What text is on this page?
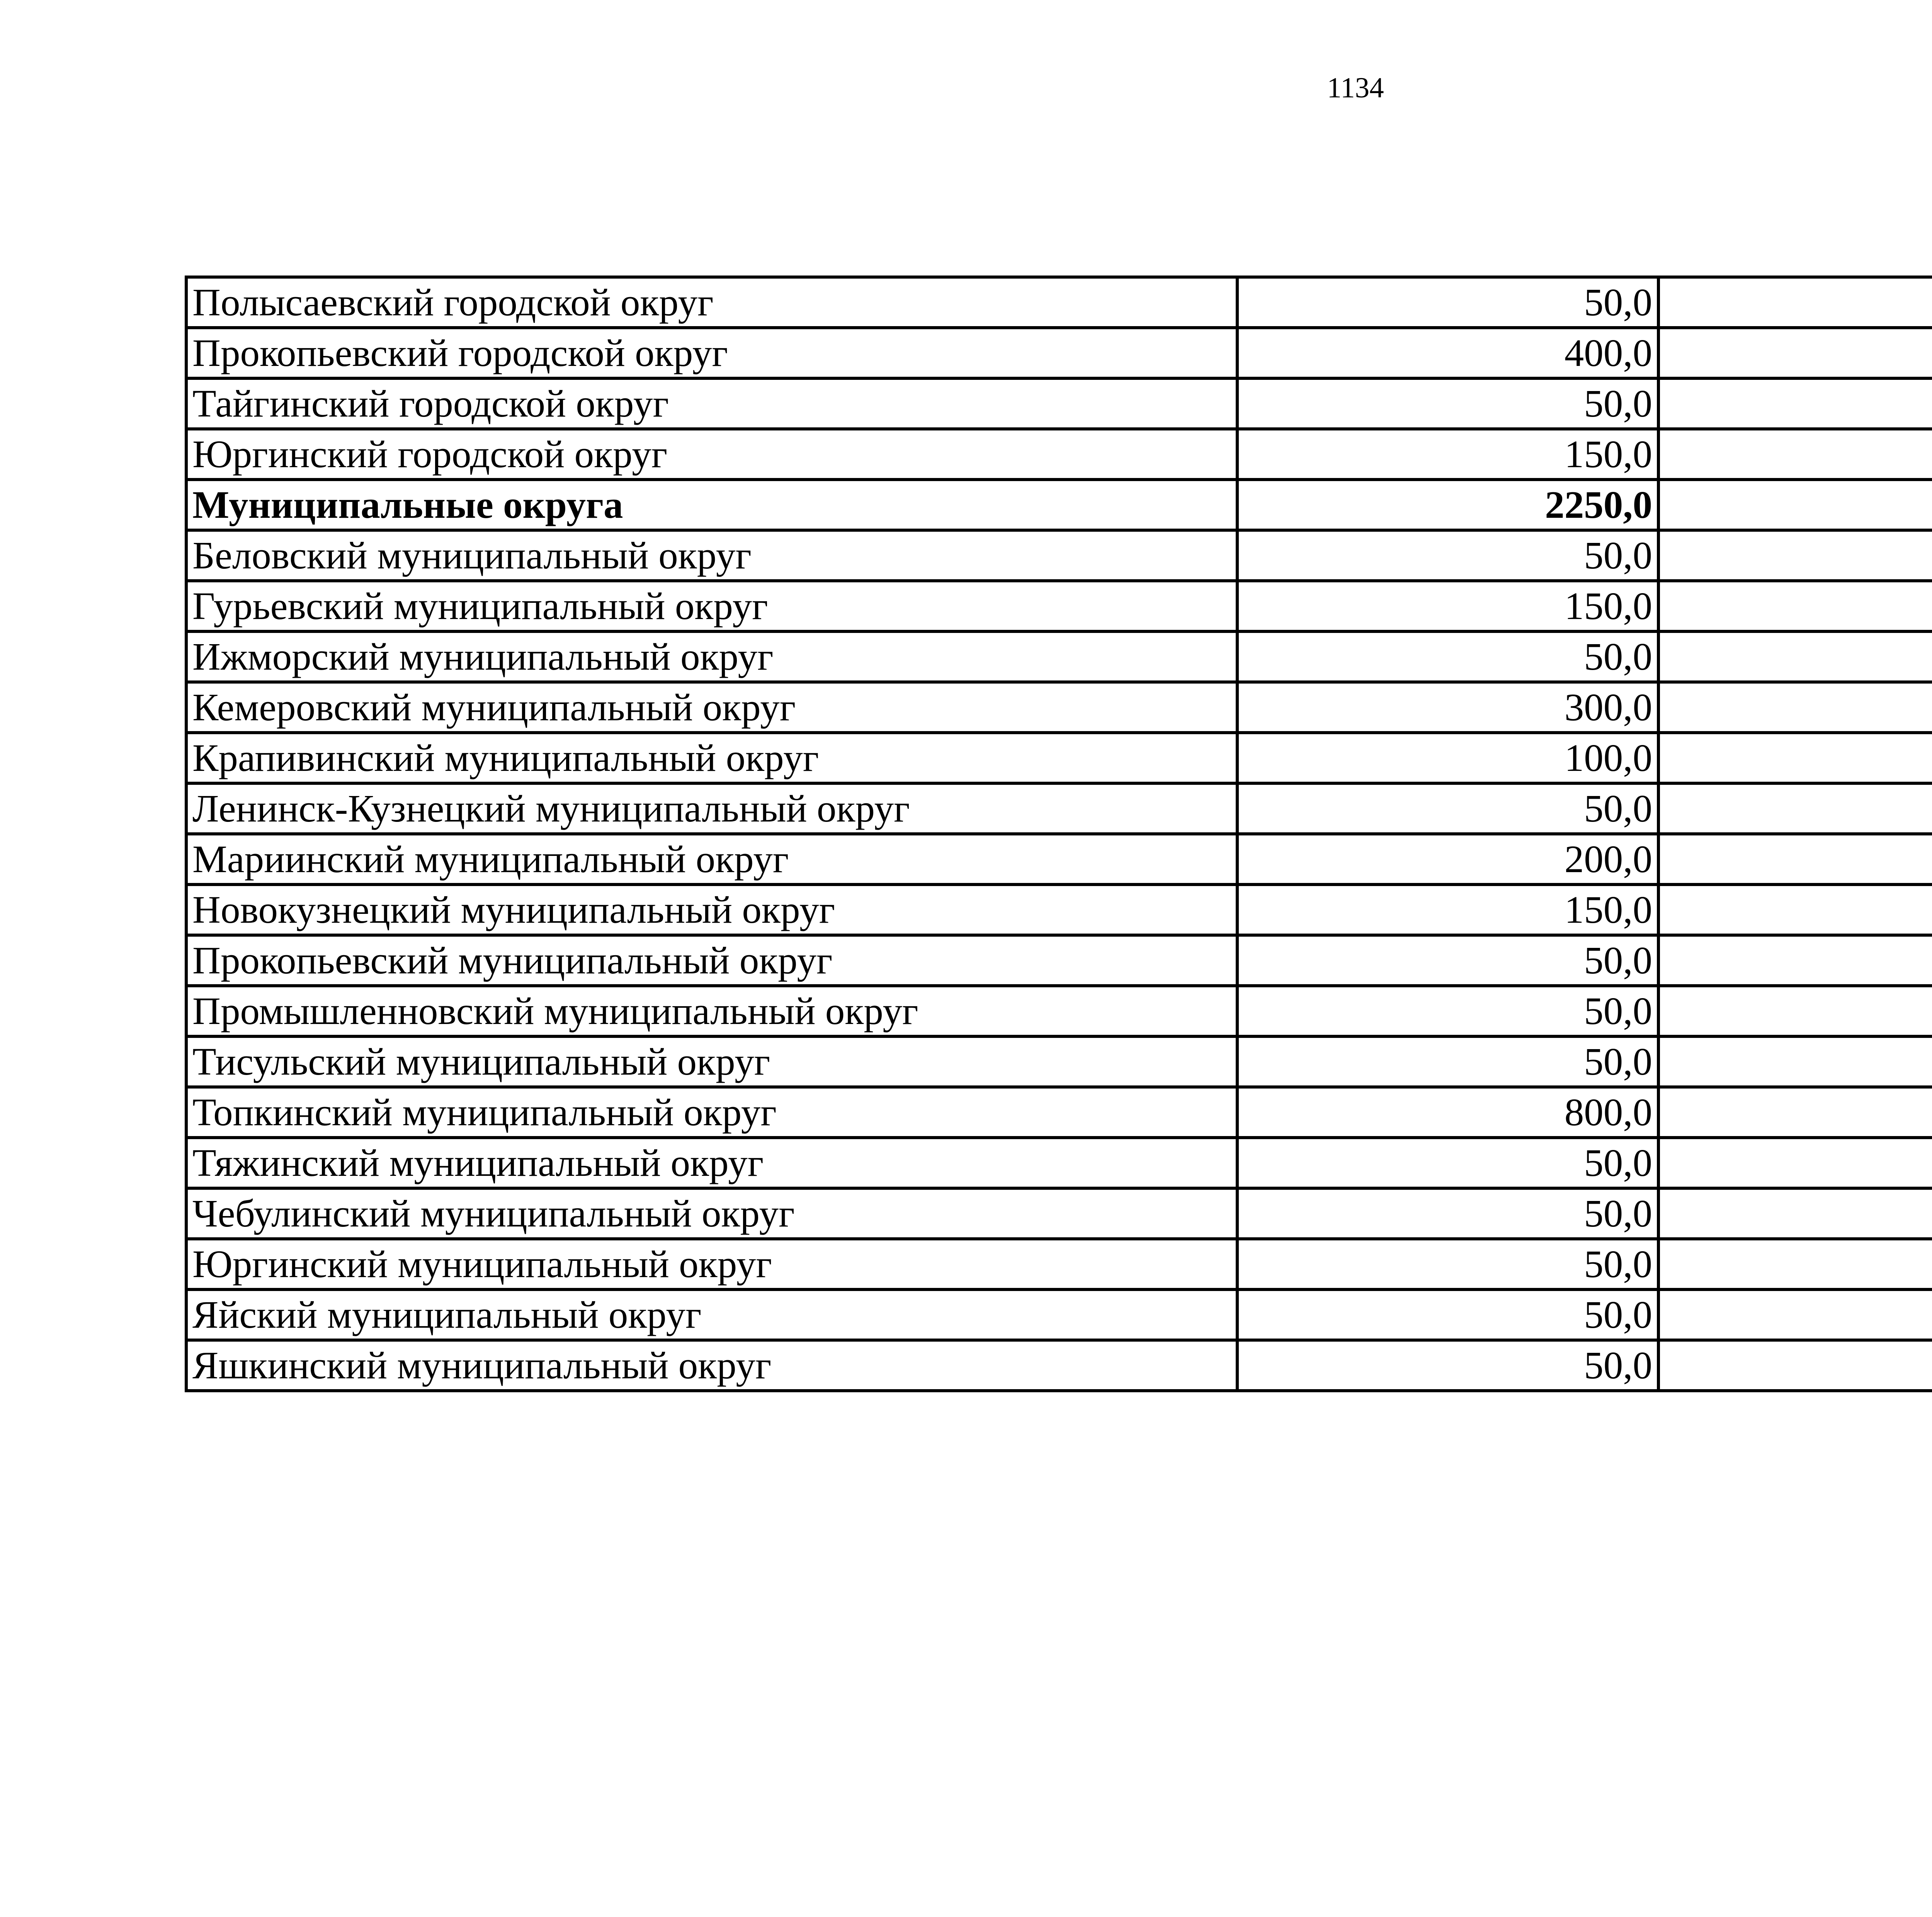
1134
Полысаевский городской округ	50,0		
Прокопьевский городской округ	400,0		
Тайгинский городской округ	50,0		
Юргинский городской округ	150,0		
Муниципальные округа	2250,0		
Беловский муниципальный округ	50,0		
Гурьевский муниципальный округ	150,0		
Ижморский муниципальный округ	50,0		
Кемеровский муниципальный округ	300,0		
Крапивинский муниципальный округ	100,0		
Ленинск-Кузнецкий муниципальный округ	50,0		
Мариинский муниципальный округ	200,0		
Новокузнецкий муниципальный округ	150,0		
Прокопьевский муниципальный округ	50,0		
Промышленновский муниципальный округ	50,0		
Тисульский муниципальный округ	50,0		
Топкинский муниципальный округ	800,0		
Тяжинский муниципальный округ	50,0		
Чебулинский муниципальный округ	50,0		
Юргинский муниципальный округ	50,0		
Яйский муниципальный округ	50,0		
Яшкинский муниципальный округ	50,0		
